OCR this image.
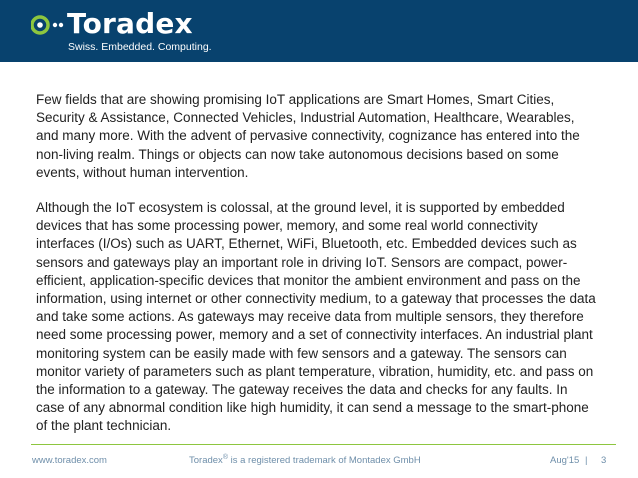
Toradex
Swiss. Embedded. Computing.

Few fields that are showing promising IoT applications are Smart Homes, Smart Cities, Security & Assistance, Connected Vehicles, Industrial Automation, Healthcare, Wearables, and many more. With the advent of pervasive connectivity, cognizance has entered into the non-living realm. Things or objects can now take autonomous decisions based on some events, without human intervention.

Although the IoT ecosystem is colossal, at the ground level, it is supported by embedded devices that has some processing power, memory, and some real world connectivity interfaces (I/Os) such as UART, Ethernet, WiFi, Bluetooth, etc. Embedded devices such as sensors and gateways play an important role in driving IoT. Sensors are compact, power-efficient, application-specific devices that monitor the ambient environment and pass on the information, using internet or other connectivity medium, to a gateway that processes the data and take some actions. As gateways may receive data from multiple sensors, they therefore need some processing power, memory and a set of connectivity interfaces. An industrial plant monitoring system can be easily made with few sensors and a gateway. The sensors can monitor variety of parameters such as plant temperature, vibration, humidity, etc. and pass on the information to a gateway. The gateway receives the data and checks for any faults. In case of any abnormal condition like high humidity, it can send a message to the smart-phone of the plant technician.

www.toradex.com	Toradex® is a registered trademark of Montadex GmbH	Aug'15 | 3
